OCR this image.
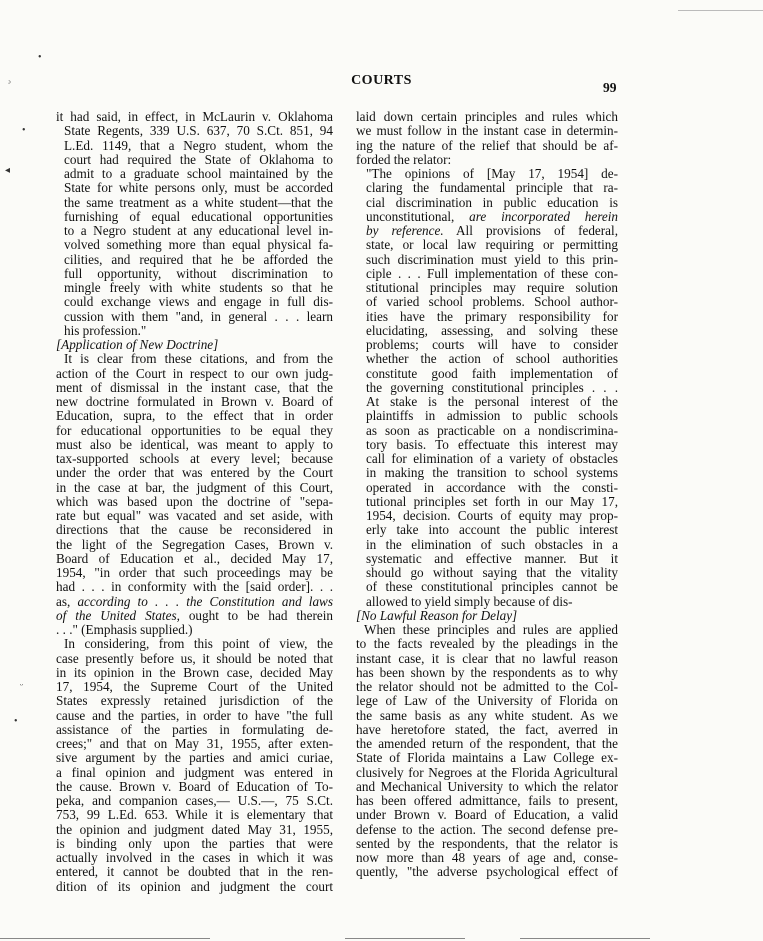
•
ᵓ
•
◂
ᵕ
•
COURTS	99
it had said, in effect, in McLaurin v. Oklahoma
State Regents, 339 U.S. 637, 70 S.Ct. 851, 94
L.Ed. 1149, that a Negro student, whom the
court had required the State of Oklahoma to
admit to a graduate school maintained by the
State for white persons only, must be accorded
the same treatment as a white student—that the
furnishing of equal educational opportunities
to a Negro student at any educational level in-
volved something more than equal physical fa-
cilities, and required that he be afforded the
full opportunity, without discrimination to
mingle freely with white students so that he
could exchange views and engage in full dis-
cussion with them "and, in general . . . learn
his profession."
[Application of New Doctrine]
It is clear from these citations, and from the
action of the Court in respect to our own judg-
ment of dismissal in the instant case, that the
new doctrine formulated in Brown v. Board of
Education, supra, to the effect that in order
for educational opportunities to be equal they
must also be identical, was meant to apply to
tax-supported schools at every level; because
under the order that was entered by the Court
in the case at bar, the judgment of this Court,
which was based upon the doctrine of "sepa-
rate but equal" was vacated and set aside, with
directions that the cause be reconsidered in
the light of the Segregation Cases, Brown v.
Board of Education et al., decided May 17,
1954, "in order that such proceedings may be
had . . . in conformity with the [said order]. . .
as, according to . . . the Constitution and laws
of the United States, ought to be had therein
. . ." (Emphasis supplied.)
In considering, from this point of view, the
case presently before us, it should be noted that
in its opinion in the Brown case, decided May
17, 1954, the Supreme Court of the United
States expressly retained jurisdiction of the
cause and the parties, in order to have "the full
assistance of the parties in formulating de-
crees;" and that on May 31, 1955, after exten-
sive argument by the parties and amici curiae,
a final opinion and judgment was entered in
the cause. Brown v. Board of Education of To-
peka, and companion cases,— U.S.—, 75 S.Ct.
753, 99 L.Ed. 653. While it is elementary that
the opinion and judgment dated May 31, 1955,
is binding only upon the parties that were
actually involved in the cases in which it was
entered, it cannot be doubted that in the ren-
dition of its opinion and judgment the court
laid down certain principles and rules which
we must follow in the instant case in determin-
ing the nature of the relief that should be af-
forded the relator:
"The opinions of [May 17, 1954] de-
claring the fundamental principle that ra-
cial discrimination in public education is
unconstitutional, are incorporated herein
by reference. All provisions of federal,
state, or local law requiring or permitting
such discrimination must yield to this prin-
ciple . . . Full implementation of these con-
stitutional principles may require solution
of varied school problems. School author-
ities have the primary responsibility for
elucidating, assessing, and solving these
problems; courts will have to consider
whether the action of school authorities
constitute good faith implementation of
the governing constitutional principles . . .
At stake is the personal interest of the
plaintiffs in admission to public schools
as soon as practicable on a nondiscrimina-
tory basis. To effectuate this interest may
call for elimination of a variety of obstacles
in making the transition to school systems
operated in accordance with the consti-
tutional principles set forth in our May 17,
1954, decision. Courts of equity may prop-
erly take into account the public interest
in the elimination of such obstacles in a
systematic and effective manner. But it
should go without saying that the vitality
of these constitutional principles cannot be
allowed to yield simply because of dis-
[No Lawful Reason for Delay]
When these principles and rules are applied
to the facts revealed by the pleadings in the
instant case, it is clear that no lawful reason
has been shown by the respondents as to why
the relator should not be admitted to the Col-
lege of Law of the University of Florida on
the same basis as any white student. As we
have heretofore stated, the fact, averred in
the amended return of the respondent, that the
State of Florida maintains a Law College ex-
clusively for Negroes at the Florida Agricultural
and Mechanical University to which the relator
has been offered admittance, fails to present,
under Brown v. Board of Education, a valid
defense to the action. The second defense pre-
sented by the respondents, that the relator is
now more than 48 years of age and, conse-
quently, "the adverse psychological effect of
